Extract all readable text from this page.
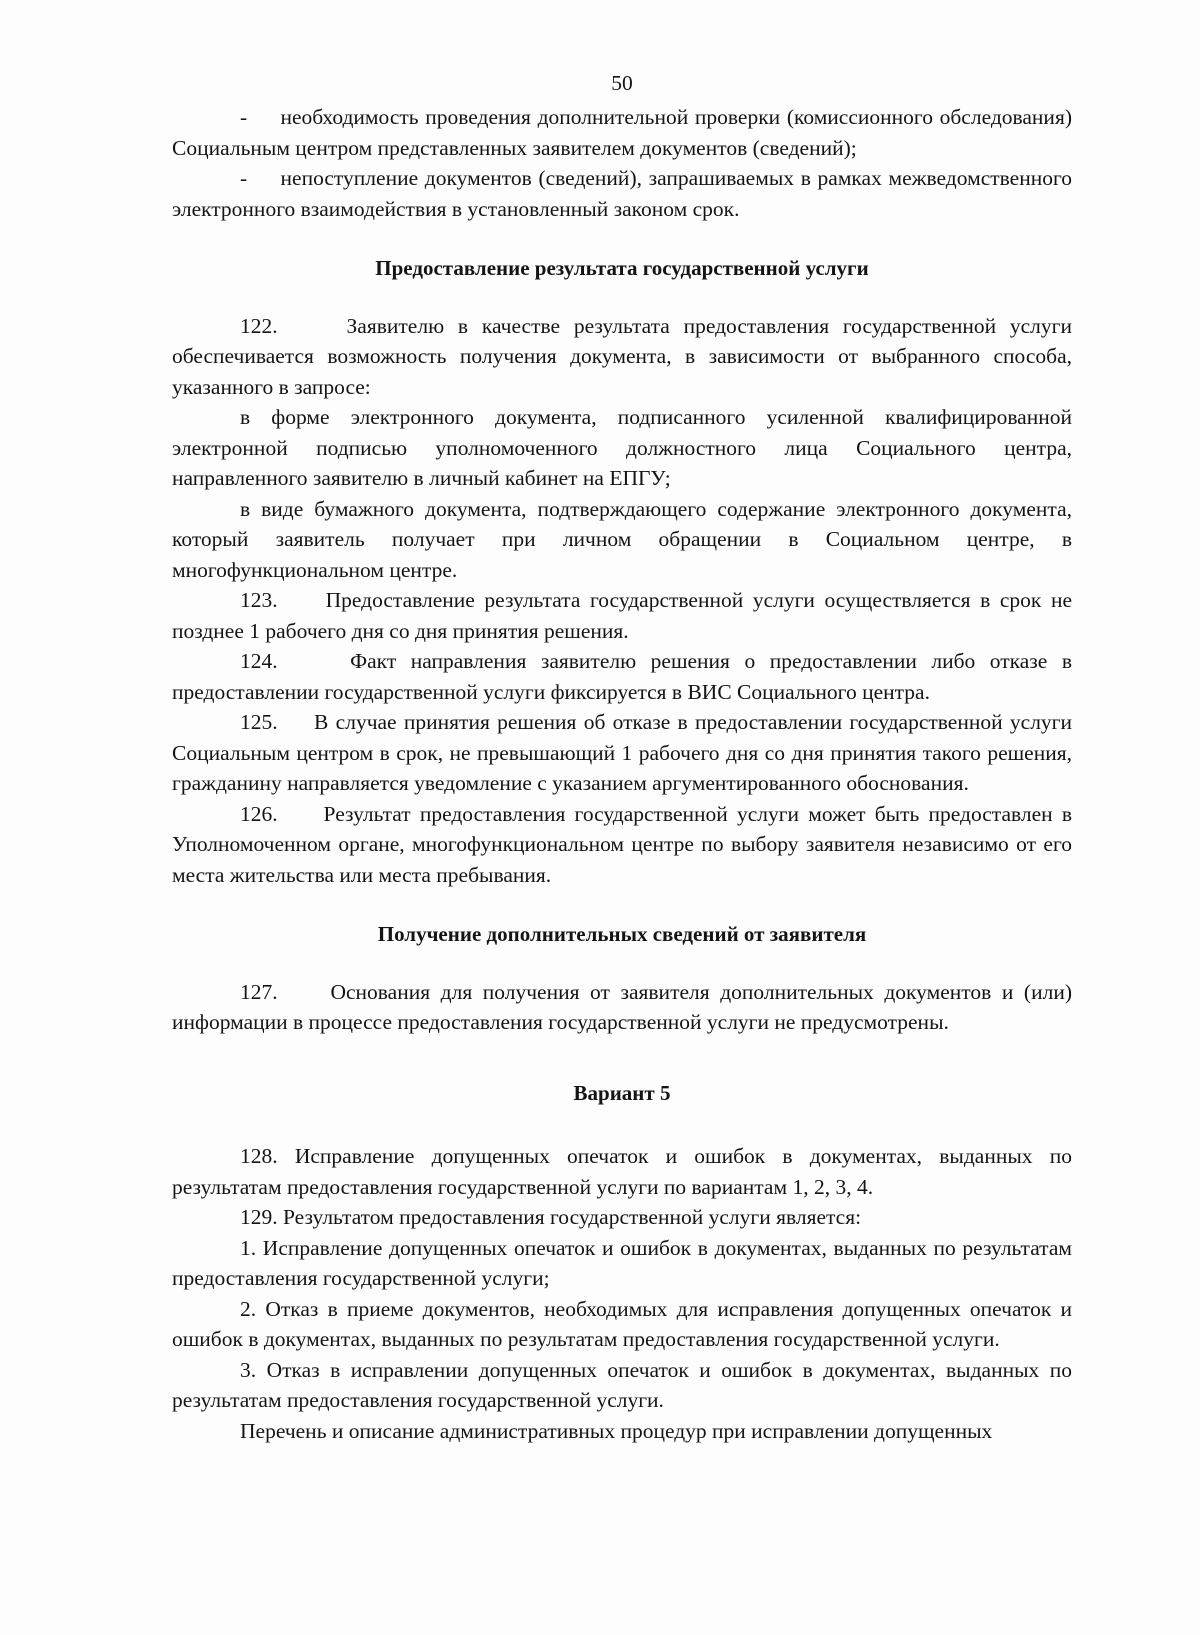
50

-     необходимость проведения дополнительной проверки (комиссионного обследования) Социальным центром представленных заявителем документов (сведений);

-     непоступление документов (сведений), запрашиваемых в рамках межведомственного электронного взаимодействия в установленный законом срок.

Предоставление результата государственной услуги

122.     Заявителю в качестве результата предоставления государственной услуги обеспечивается возможность получения документа, в зависимости от выбранного способа, указанного в запросе:

в форме электронного документа, подписанного усиленной квалифицированной электронной подписью уполномоченного должностного лица Социального центра, направленного заявителю в личный кабинет на ЕПГУ;

в виде бумажного документа, подтверждающего содержание электронного документа, который заявитель получает при личном обращении в Социальном центре, в многофункциональном центре.

123.     Предоставление результата государственной услуги осуществляется в срок не позднее 1 рабочего дня со дня принятия решения.

124.     Факт направления заявителю решения о предоставлении либо отказе в предоставлении государственной услуги фиксируется в ВИС Социального центра.

125.     В случае принятия решения об отказе в предоставлении государственной услуги Социальным центром в срок, не превышающий 1 рабочего дня со дня принятия такого решения, гражданину направляется уведомление с указанием аргументированного обоснования.

126.     Результат предоставления государственной услуги может быть предоставлен в Уполномоченном органе, многофункциональном центре по выбору заявителя независимо от его места жительства или места пребывания.

Получение дополнительных сведений от заявителя

127.     Основания для получения от заявителя дополнительных документов и (или) информации в процессе предоставления государственной услуги не предусмотрены.

Вариант 5

128. Исправление допущенных опечаток и ошибок в документах, выданных по результатам предоставления государственной услуги по вариантам 1, 2, 3, 4.

129. Результатом предоставления государственной услуги является:

1. Исправление допущенных опечаток и ошибок в документах, выданных по результатам предоставления государственной услуги;

2. Отказ в приеме документов, необходимых для исправления допущенных опечаток и ошибок в документах, выданных по результатам предоставления государственной услуги.

3. Отказ в исправлении допущенных опечаток и ошибок в документах, выданных по результатам предоставления государственной услуги.

Перечень и описание административных процедур при исправлении допущенных
